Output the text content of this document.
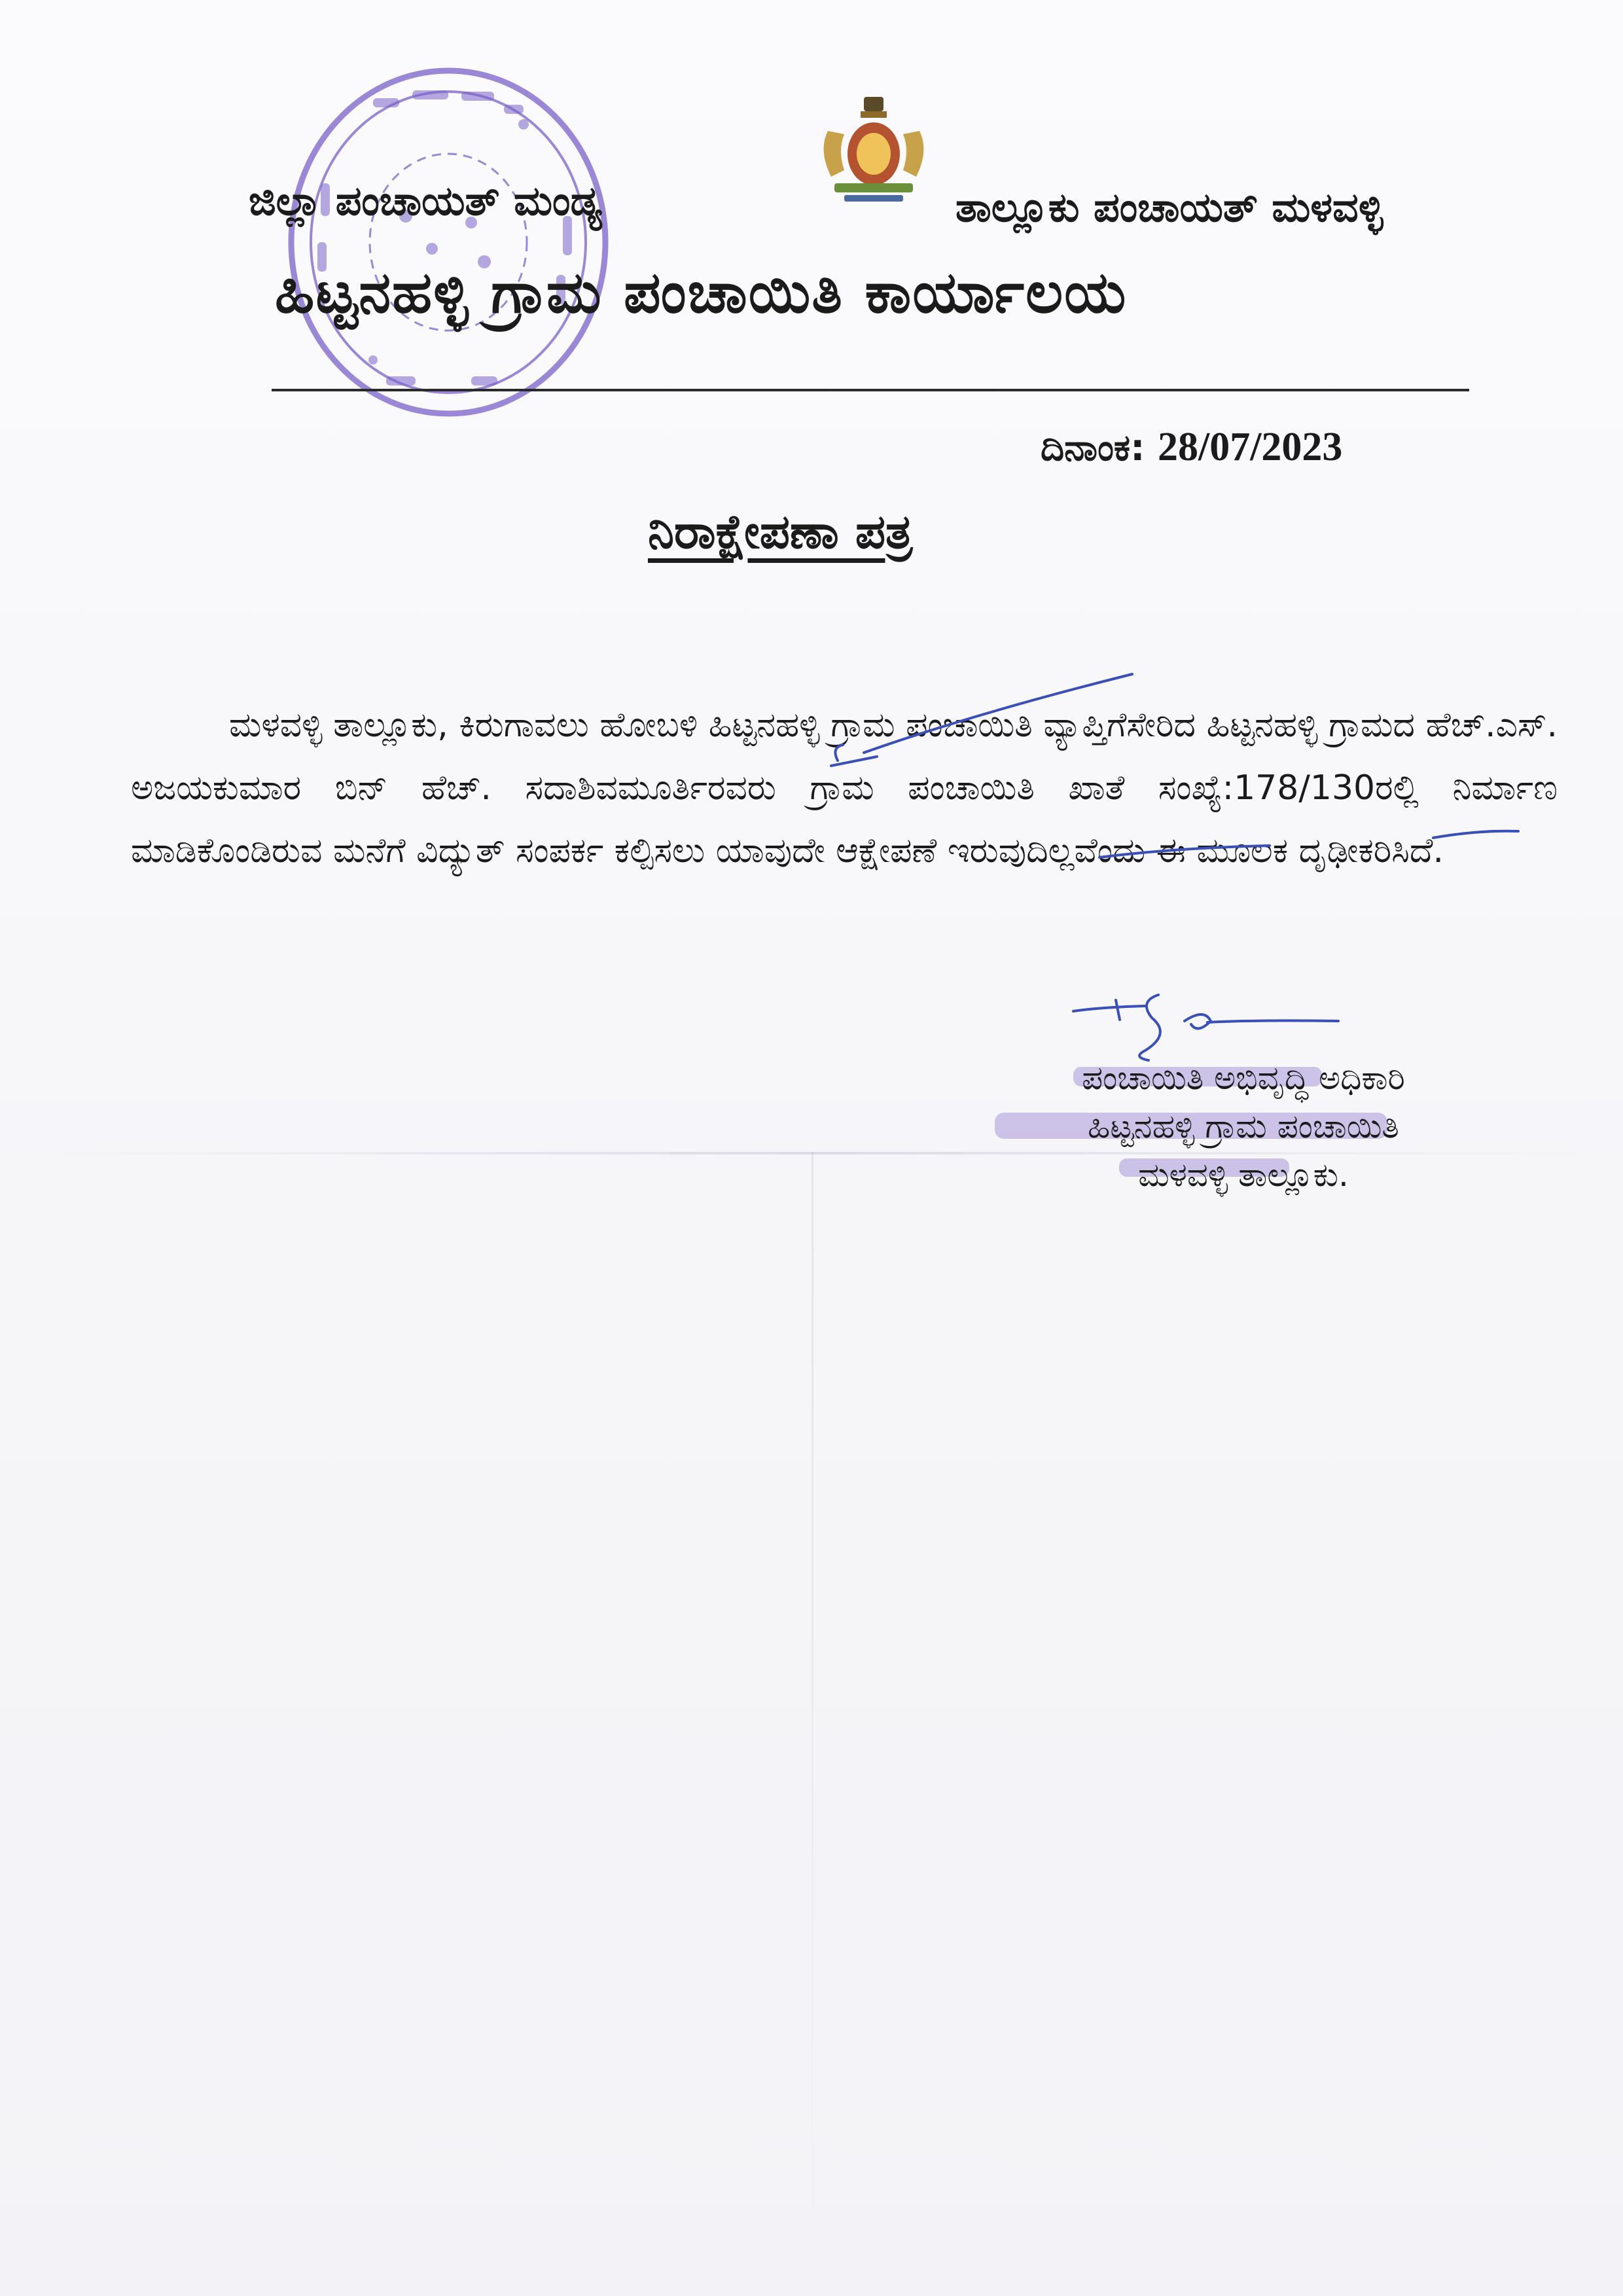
ಜಿಲ್ಲಾ ಪಂಚಾಯತ್ ಮಂಡ್ಯ	ತಾಲ್ಲೂಕು ಪಂಚಾಯತ್ ಮಳವಳ್ಳಿ
ಹಿಟ್ಟನಹಳ್ಳಿ ಗ್ರಾಮ ಪಂಚಾಯಿತಿ ಕಾರ್ಯಾಲಯ
ದಿನಾಂಕ: 28/07/2023
ನಿರಾಕ್ಷೇಪಣಾ ಪತ್ರ
ಮಳವಳ್ಳಿ ತಾಲ್ಲೂಕು, ಕಿರುಗಾವಲು ಹೋಬಳಿ ಹಿಟ್ಟನಹಳ್ಳಿ ಗ್ರಾಮ ಪಂಚಾಯಿತಿ ವ್ಯಾಪ್ತಿಗೆಸೇರಿದ ಹಿಟ್ಟನಹಳ್ಳಿ ಗ್ರಾಮದ ಹೆಚ್.ಎಸ್. ಅಜಯಕುಮಾರ ಬಿನ್ ಹೆಚ್. ಸದಾಶಿವಮೂರ್ತಿರವರು ಗ್ರಾಮ ಪಂಚಾಯಿತಿ ಖಾತೆ ಸಂಖ್ಯೆ:178/130ರಲ್ಲಿ ನಿರ್ಮಾಣ ಮಾಡಿಕೊಂಡಿರುವ ಮನೆಗೆ ವಿದ್ಯುತ್ ಸಂಪರ್ಕ ಕಲ್ಪಿಸಲು ಯಾವುದೇ ಆಕ್ಷೇಪಣೆ ಇರುವುದಿಲ್ಲವೆಂದು ಈ ಮೂಲಕ ದೃಢೀಕರಿಸಿದೆ.
ಪಂಚಾಯಿತಿ ಅಭಿವೃದ್ಧಿ ಅಧಿಕಾರಿ
ಹಿಟ್ಟನಹಳ್ಳಿ ಗ್ರಾಮ ಪಂಚಾಯಿತಿ
ಮಳವಳ್ಳಿ ತಾಲ್ಲೂಕು.
